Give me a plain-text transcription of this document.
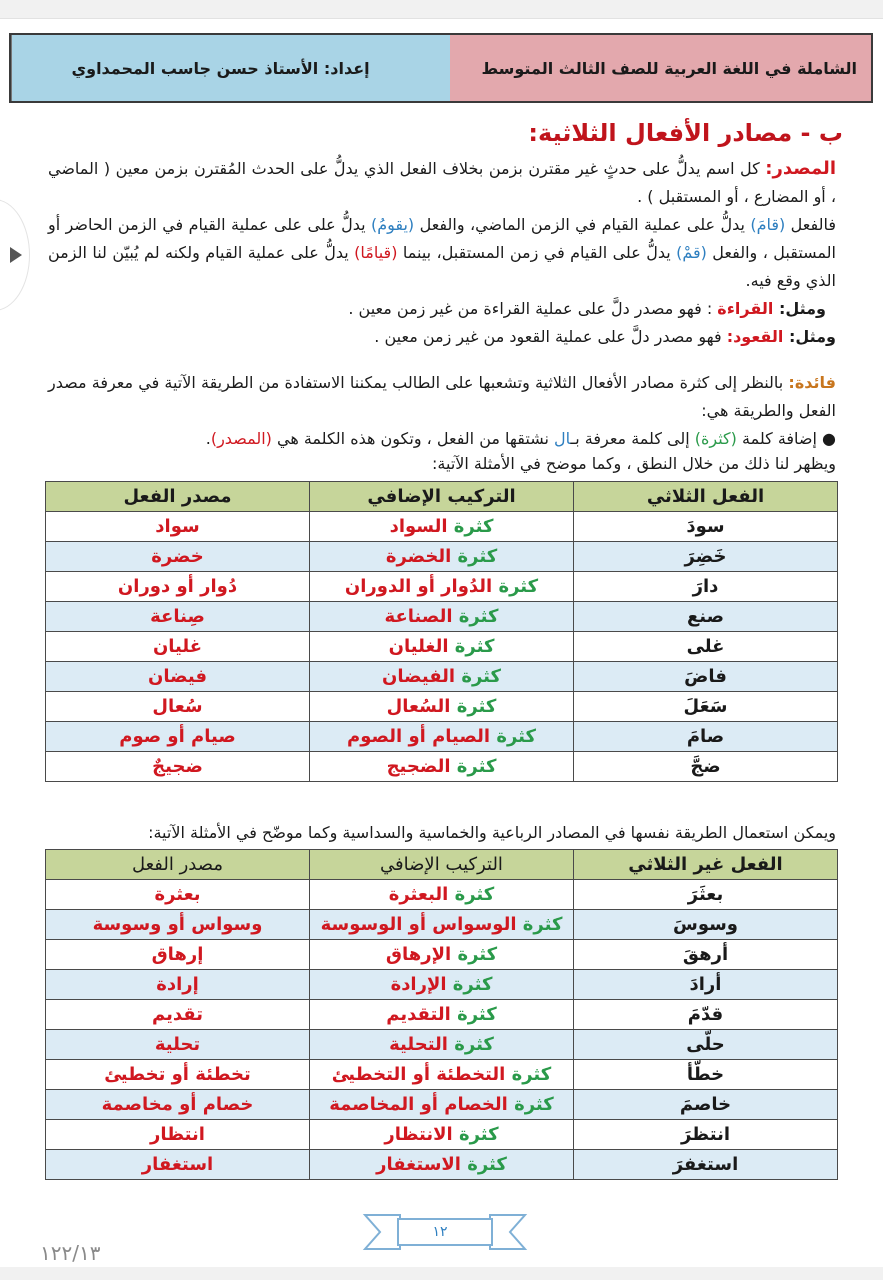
الشاملة في اللغة العربية للصف الثالث المتوسط
إعداد: الأستاذ حسن جاسب المحمداوي
ب - مصادر الأفعال الثلاثية:
المصدر: كل اسم يدلُّ على حدثٍ غير مقترن بزمن بخلاف الفعل الذي يدلُّ على الحدث المُقترن بزمن معين ( الماضي ، أو المضارع ، أو المستقبل ) .
فالفعل (قامَ) يدلُّ على عملية القيام في الزمن الماضي، والفعل (يقومُ) يدلُّ على على عملية القيام في الزمن الحاضر أو المستقبل ، والفعل (قمْ) يدلُّ على القيام في زمن المستقبل، بينما (قيامًا) يدلُّ على عملية القيام ولكنه لم يُبيّن لنا الزمن الذي وقع فيه.
ومثل: القراءة : فهو مصدر دلَّ على عملية القراءة من غير زمن معين .
ومثل: القعود: فهو مصدر دلَّ على عملية القعود من غير زمن معين .
فائدة: بالنظر إلى كثرة مصادر الأفعال الثلاثية وتشعبها على الطالب يمكننا الاستفادة من الطريقة الآتية في معرفة مصدر الفعل والطريقة هي:
● إضافة كلمة (كثرة) إلى كلمة معرفة بـال نشتقها من الفعل ، وتكون هذه الكلمة هي (المصدر).
ويظهر لنا ذلك من خلال النطق ، وكما موضح في الأمثلة الآتية:
الفعل الثلاثي	التركيب الإضافي	مصدر الفعل
سودَ	كثرة السواد	سواد
خَضِرَ	كثرة الخضرة	خضرة
دارَ	كثرة الدُوار أو الدوران	دُوار أو دوران
صنع	كثرة الصناعة	صِناعة
غلى	كثرة الغليان	غليان
فاضَ	كثرة الفيضان	فيضان
سَعَلَ	كثرة السُعال	سُعال
صامَ	كثرة الصيام أو الصوم	صيام أو صوم
ضجَّ	كثرة الضجيج	ضجيجٌ
ويمكن استعمال الطريقة نفسها في المصادر الرباعية والخماسية والسداسية وكما موضّح في الأمثلة الآتية:
الفعل غير الثلاثي	التركيب الإضافي	مصدر الفعل
بعثَرَ	كثرة البعثرة	بعثرة
وسوسَ	كثرة الوسواس أو الوسوسة	وسواس أو وسوسة
أرهقَ	كثرة الإرهاق	إرهاق
أرادَ	كثرة الإرادة	إرادة
قدّمَ	كثرة التقديم	تقديم
حلّى	كثرة التحلية	تحلية
خطّأ	كثرة التخطئة أو التخطيئ	تخطئة أو تخطيئ
خاصمَ	كثرة الخصام أو المخاصمة	خصام أو مخاصمة
انتظرَ	كثرة الانتظار	انتظار
استغفرَ	كثرة الاستغفار	استغفار
١٢
١٢٢/١٣
